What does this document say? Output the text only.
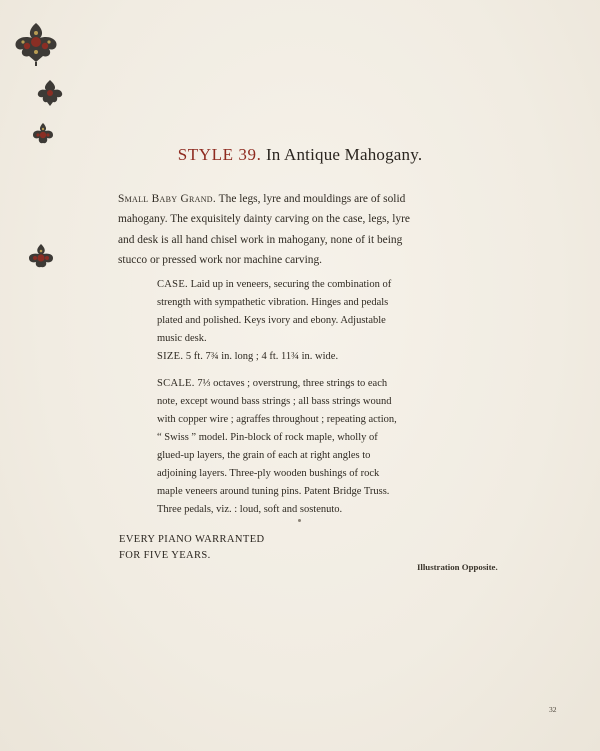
STYLE 39. In Antique Mahogany.
Small Baby Grand. The legs, lyre and mouldings are of solid
mahogany. The exquisitely dainty carving on the case, legs, lyre
and desk is all hand chisel work in mahogany, none of it being
stucco or pressed work nor machine carving.
CASE. Laid up in veneers, securing the combination of
strength with sympathetic vibration. Hinges and pedals
plated and polished. Keys ivory and ebony. Adjustable
music desk.
SIZE. 5 ft. 7¾ in. long ; 4 ft. 11¾ in. wide.
SCALE. 7⅓ octaves ; overstrung, three strings to each
note, except wound bass strings ; all bass strings wound
with copper wire ; agraffes throughout ; repeating action,
“ Swiss ” model. Pin-block of rock maple, wholly of
glued-up layers, the grain of each at right angles to
adjoining layers. Three-ply wooden bushings of rock
maple veneers around tuning pins. Patent Bridge Truss.
Three pedals, viz. : loud, soft and sostenuto.
EVERY PIANO WARRANTED
FOR FIVE YEARS.
Illustration Opposite.
32
